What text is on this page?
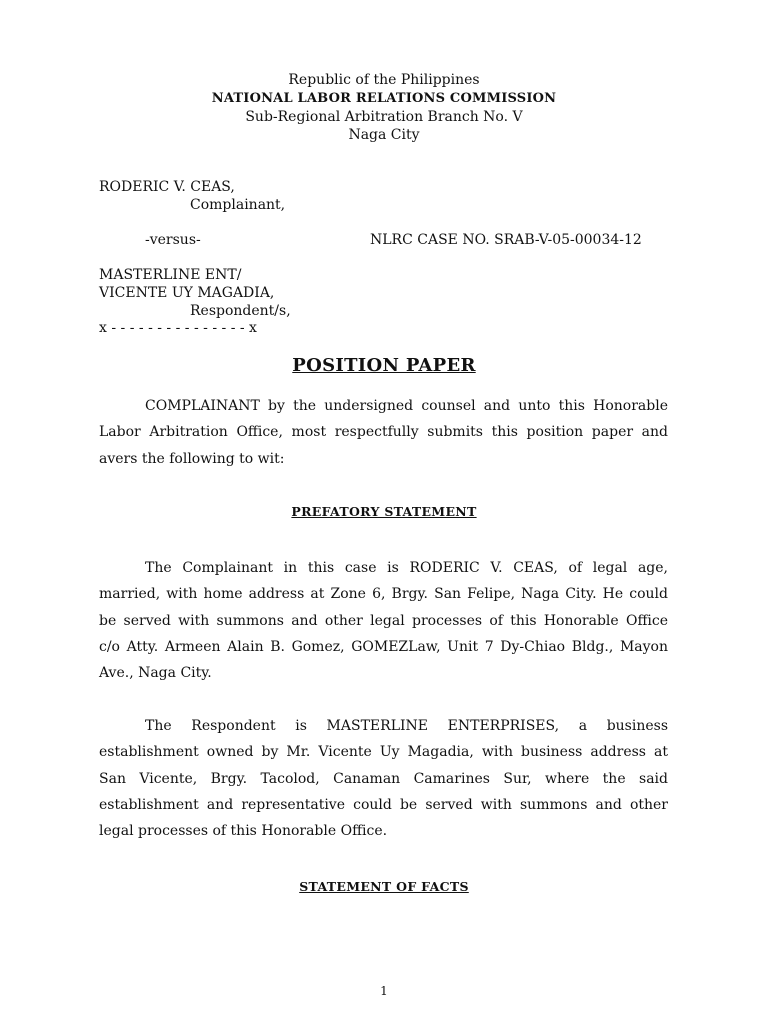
Republic of the Philippines
NATIONAL LABOR RELATIONS COMMISSION
Sub-Regional Arbitration Branch No. V
Naga City
RODERIC V. CEAS,
Complainant,
-versus-	NLRC CASE NO. SRAB-V-05-00034-12
MASTERLINE ENT/
VICENTE UY MAGADIA,
Respondent/s,
x - - - - - - - - - - - - - - - x
POSITION PAPER
COMPLAINANT by the undersigned counsel and unto this Honorable
Labor Arbitration Office, most respectfully submits this position paper and
avers the following to wit:
PREFATORY STATEMENT
The Complainant in this case is RODERIC V. CEAS, of legal age,
married, with home address at Zone 6, Brgy. San Felipe, Naga City. He could
be served with summons and other legal processes of this Honorable Office
c/o Atty. Armeen Alain B. Gomez, GOMEZLaw, Unit 7 Dy-Chiao Bldg., Mayon
Ave., Naga City.
The Respondent is MASTERLINE ENTERPRISES, a business
establishment owned by Mr. Vicente Uy Magadia, with business address at
San Vicente, Brgy. Tacolod, Canaman Camarines Sur, where the said
establishment and representative could be served with summons and other
legal processes of this Honorable Office.
STATEMENT OF FACTS
1
